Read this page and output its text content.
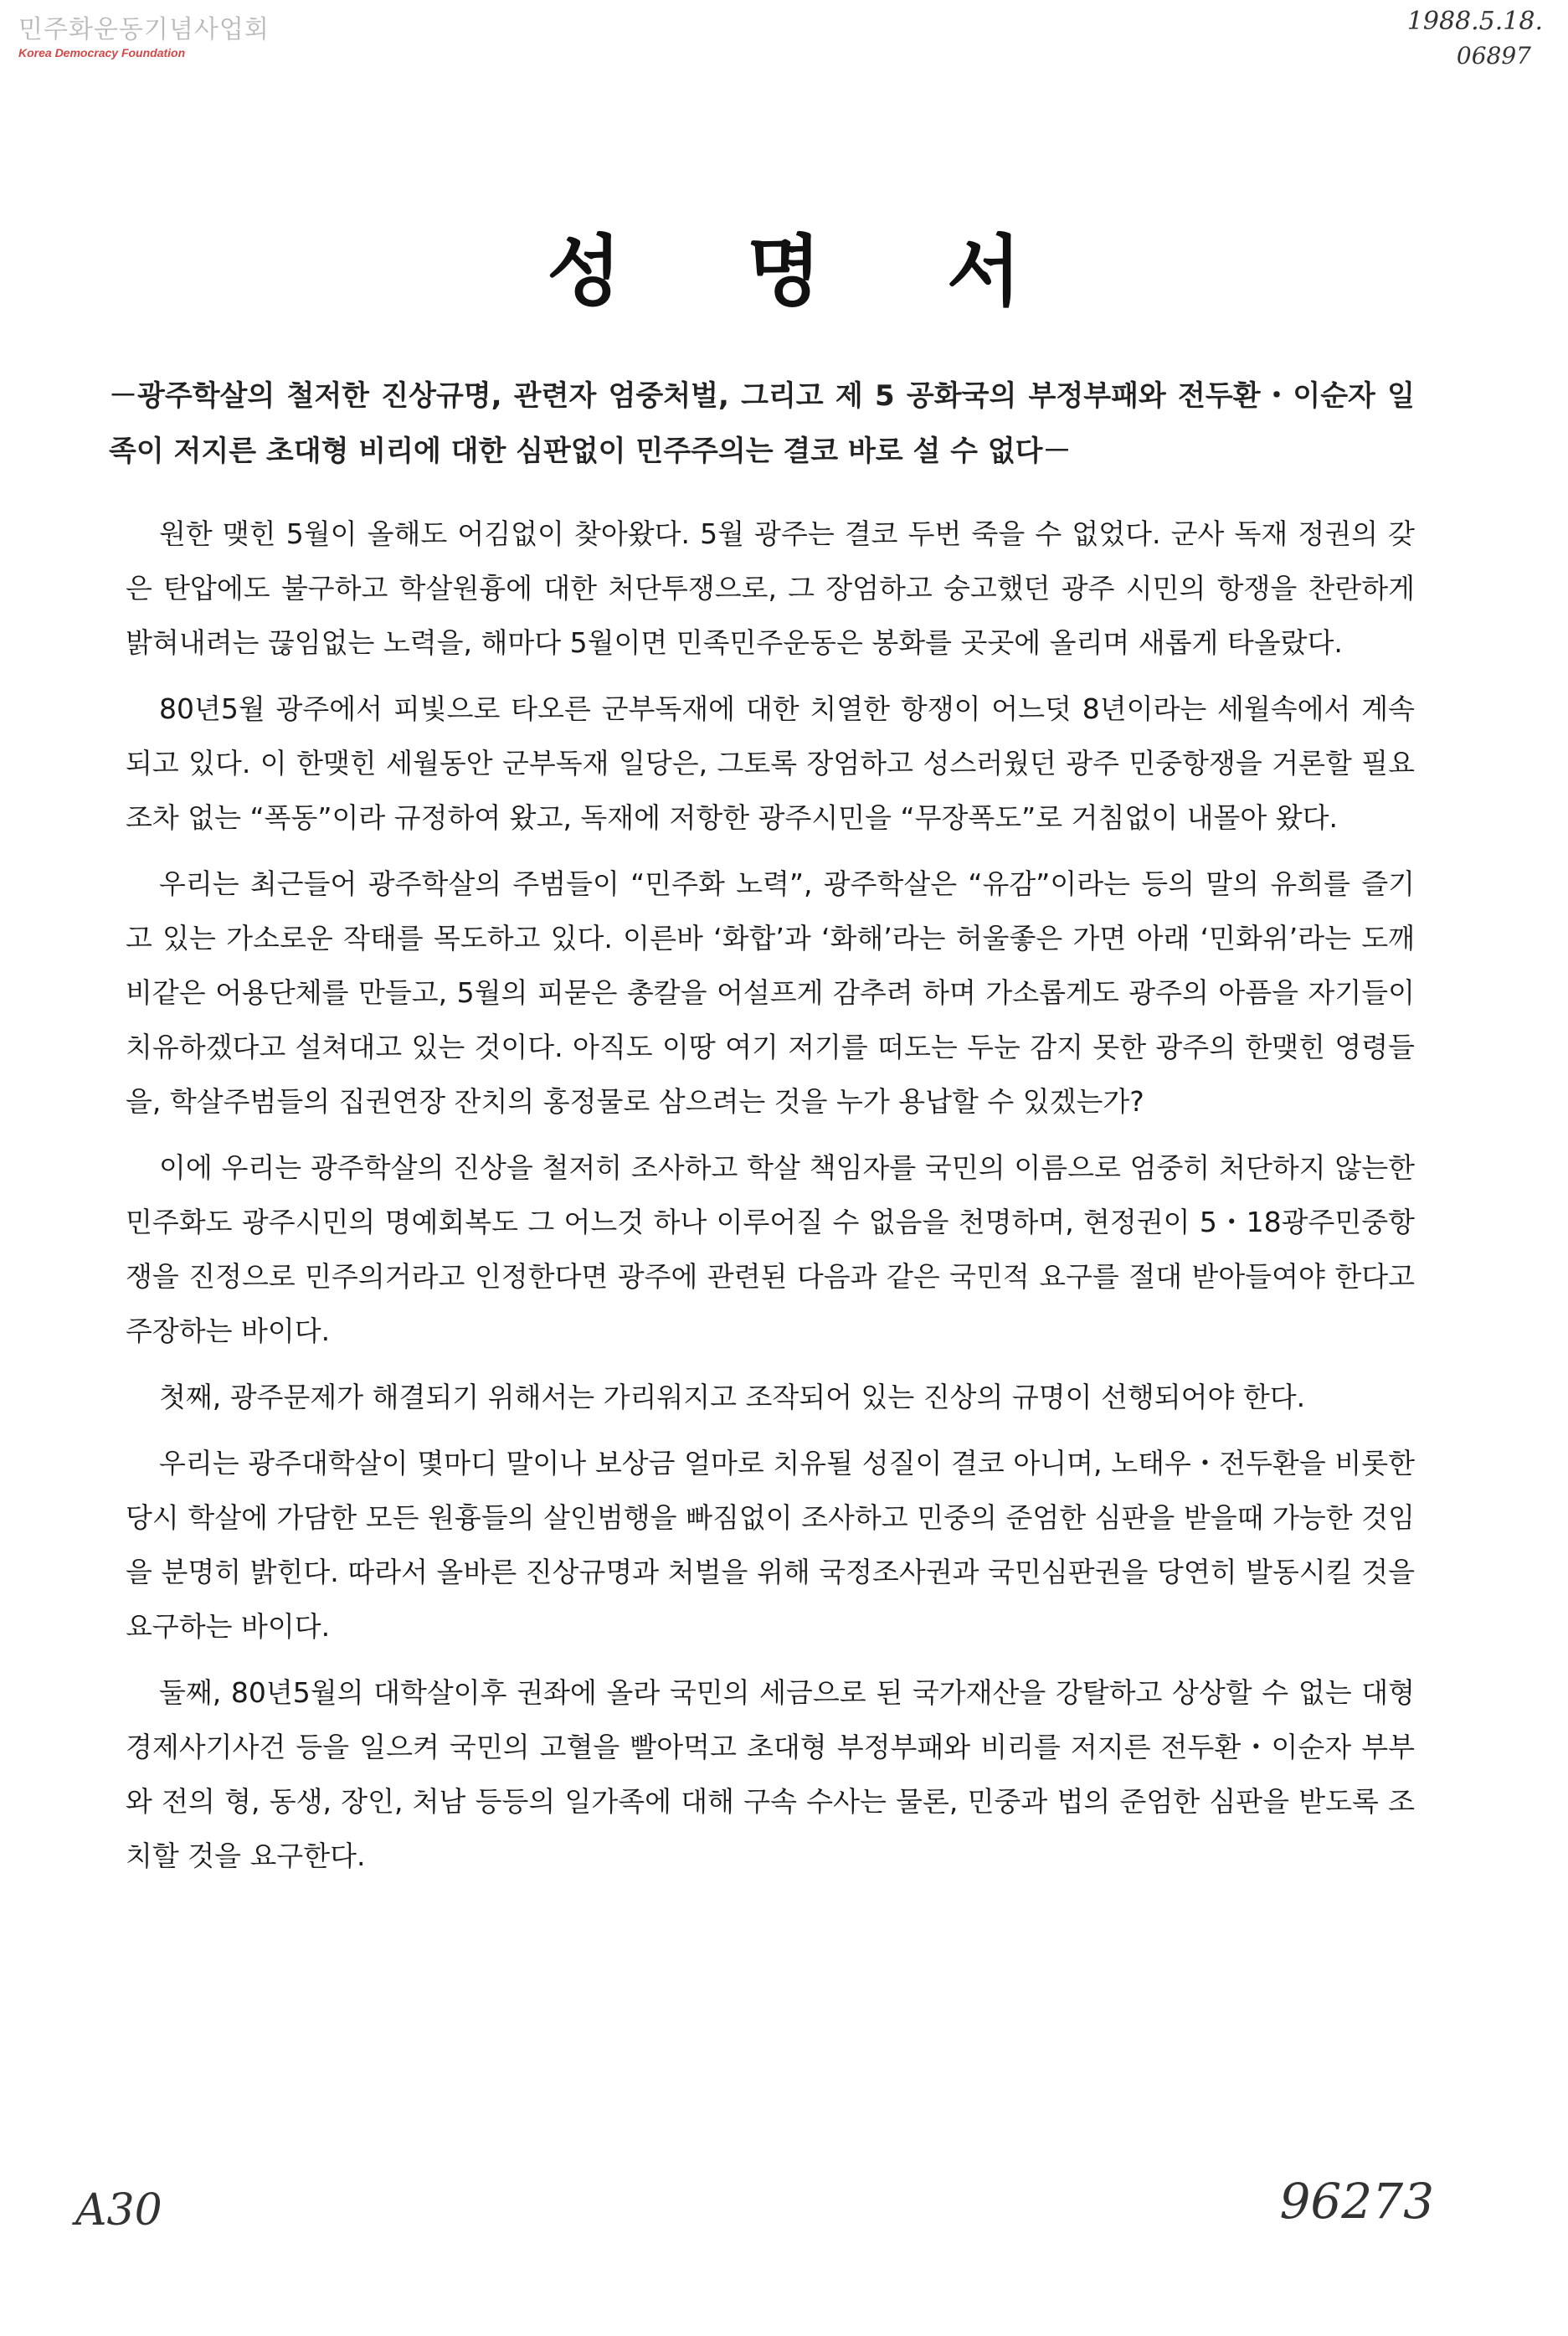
민주화운동기념사업회
Korea Democracy Foundation
1988.5.18.
06897
성명서
－광주학살의 철저한 진상규명, 관련자 엄중처벌, 그리고 제 5 공화국의 부정부패와 전두환・이순자 일족이 저지른 초대형 비리에 대한 심판없이 민주주의는 결코 바로 설 수 없다－

원한 맺힌 5월이 올해도 어김없이 찾아왔다. 5월 광주는 결코 두번 죽을 수 없었다. 군사 독재 정권의 갖은 탄압에도 불구하고 학살원흉에 대한 처단투쟁으로, 그 장엄하고 숭고했던 광주 시민의 항쟁을 찬란하게 밝혀내려는 끊임없는 노력을, 해마다 5월이면 민족민주운동은 봉화를 곳곳에 올리며 새롭게 타올랐다.

80년5월 광주에서 피빛으로 타오른 군부독재에 대한 치열한 항쟁이 어느덧 8년이라는 세월속에서 계속되고 있다. 이 한맺힌 세월동안 군부독재 일당은, 그토록 장엄하고 성스러웠던 광주 민중항쟁을 거론할 필요조차 없는 “폭동”이라 규정하여 왔고, 독재에 저항한 광주시민을 “무장폭도”로 거침없이 내몰아 왔다.

우리는 최근들어 광주학살의 주범들이 “민주화 노력”, 광주학살은 “유감”이라는 등의 말의 유희를 즐기고 있는 가소로운 작태를 목도하고 있다. 이른바 ‘화합’과 ‘화해’라는 허울좋은 가면 아래 ‘민화위’라는 도깨비같은 어용단체를 만들고, 5월의 피묻은 총칼을 어설프게 감추려 하며 가소롭게도 광주의 아픔을 자기들이 치유하겠다고 설쳐대고 있는 것이다. 아직도 이땅 여기 저기를 떠도는 두눈 감지 못한 광주의 한맺힌 영령들을, 학살주범들의 집권연장 잔치의 홍정물로 삼으려는 것을 누가 용납할 수 있겠는가?

이에 우리는 광주학살의 진상을 철저히 조사하고 학살 책임자를 국민의 이름으로 엄중히 처단하지 않는한 민주화도 광주시민의 명예회복도 그 어느것 하나 이루어질 수 없음을 천명하며, 현정권이 5・18광주민중항쟁을 진정으로 민주의거라고 인정한다면 광주에 관련된 다음과 같은 국민적 요구를 절대 받아들여야 한다고 주장하는 바이다.

첫째, 광주문제가 해결되기 위해서는 가리워지고 조작되어 있는 진상의 규명이 선행되어야 한다.

우리는 광주대학살이 몇마디 말이나 보상금 얼마로 치유될 성질이 결코 아니며, 노태우・전두환을 비롯한 당시 학살에 가담한 모든 원흉들의 살인범행을 빠짐없이 조사하고 민중의 준엄한 심판을 받을때 가능한 것임을 분명히 밝힌다. 따라서 올바른 진상규명과 처벌을 위해 국정조사권과 국민심판권을 당연히 발동시킬 것을 요구하는 바이다.

둘째, 80년5월의 대학살이후 권좌에 올라 국민의 세금으로 된 국가재산을 강탈하고 상상할 수 없는 대형 경제사기사건 등을 일으켜 국민의 고혈을 빨아먹고 초대형 부정부패와 비리를 저지른 전두환・이순자 부부와 전의 형, 동생, 장인, 처남 등등의 일가족에 대해 구속 수사는 물론, 민중과 법의 준엄한 심판을 받도록 조치할 것을 요구한다.

A30	96273
